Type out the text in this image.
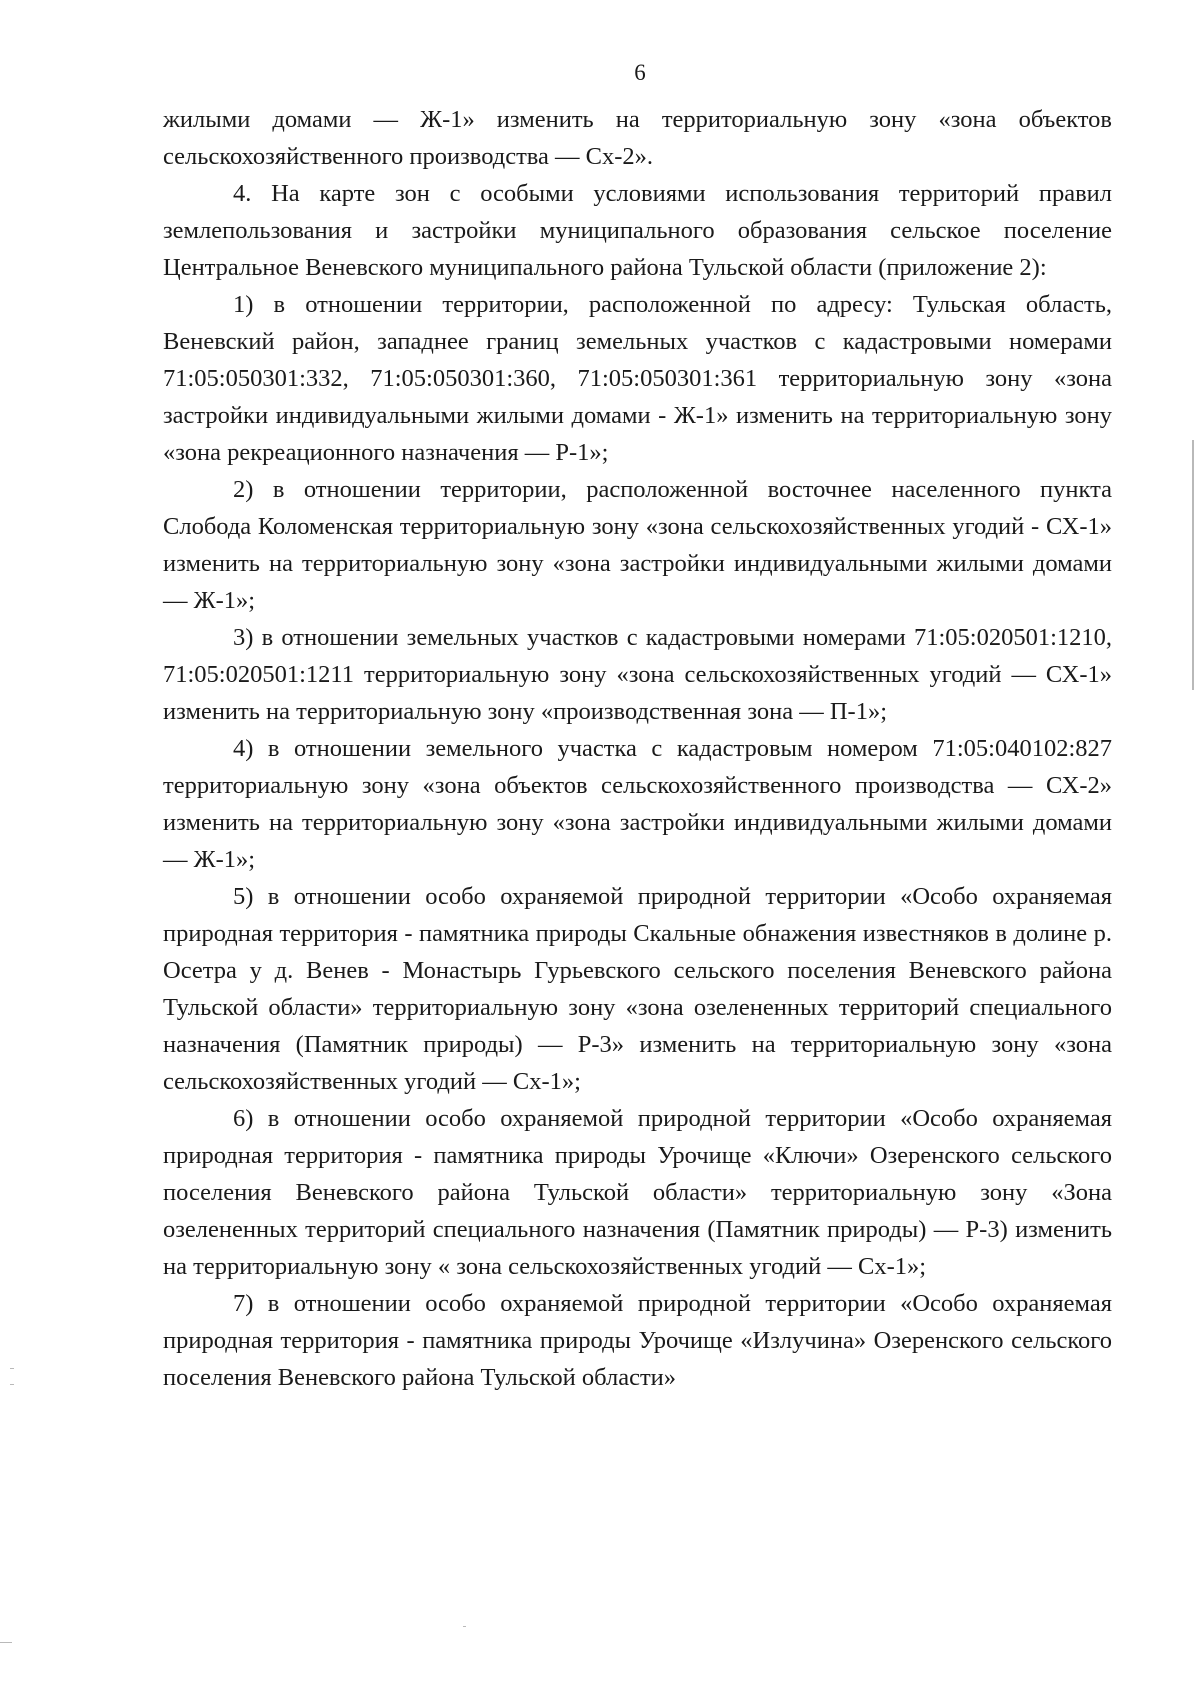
6

жилыми домами — Ж-1» изменить на территориальную зону «зона объектов сельскохозяйственного производства — Сх-2».

4. На карте зон с особыми условиями использования территорий правил землепользования и застройки муниципального образования сельское поселение Центральное Веневского муниципального района Тульской области (приложение 2):

1) в отношении территории, расположенной по адресу: Тульская область, Веневский район, западнее границ земельных участков с кадастровыми номерами 71:05:050301:332, 71:05:050301:360, 71:05:050301:361 территориальную зону «зона застройки индивидуальными жилыми домами - Ж-1» изменить на территориальную зону «зона рекреационного назначения — Р-1»;

2) в отношении территории, расположенной восточнее населенного пункта Слобода Коломенская территориальную зону «зона сельскохозяйственных угодий - СХ-1» изменить на территориальную зону «зона застройки индивидуальными жилыми домами — Ж-1»;

3) в отношении земельных участков с кадастровыми номерами 71:05:020501:1210, 71:05:020501:1211 территориальную зону «зона сельскохозяйственных угодий — СХ-1» изменить на территориальную зону «производственная зона — П-1»;

4) в отношении земельного участка с кадастровым номером 71:05:040102:827 территориальную зону «зона объектов сельскохозяйственного производства — СХ-2» изменить на территориальную зону «зона застройки индивидуальными жилыми домами — Ж-1»;

5) в отношении особо охраняемой природной территории «Особо охраняемая природная территория - памятника природы Скальные обнажения известняков в долине р. Осетра у д. Венев - Монастырь Гурьевского сельского поселения Веневского района Тульской области» территориальную зону «зона озелененных территорий специального назначения (Памятник природы) — Р-3» изменить на территориальную зону «зона сельскохозяйственных угодий — Сх-1»;

6) в отношении особо охраняемой природной территории «Особо охраняемая природная территория - памятника природы Урочище «Ключи» Озеренского сельского поселения Веневского района Тульской области» территориальную зону «Зона озелененных территорий специального назначения (Памятник природы) — Р-3) изменить на территориальную зону « зона сельскохозяйственных угодий — Сх-1»;

7) в отношении особо охраняемой природной территории «Особо охраняемая природная территория - памятника природы Урочище «Излучина» Озеренского сельского поселения Веневского района Тульской области»
